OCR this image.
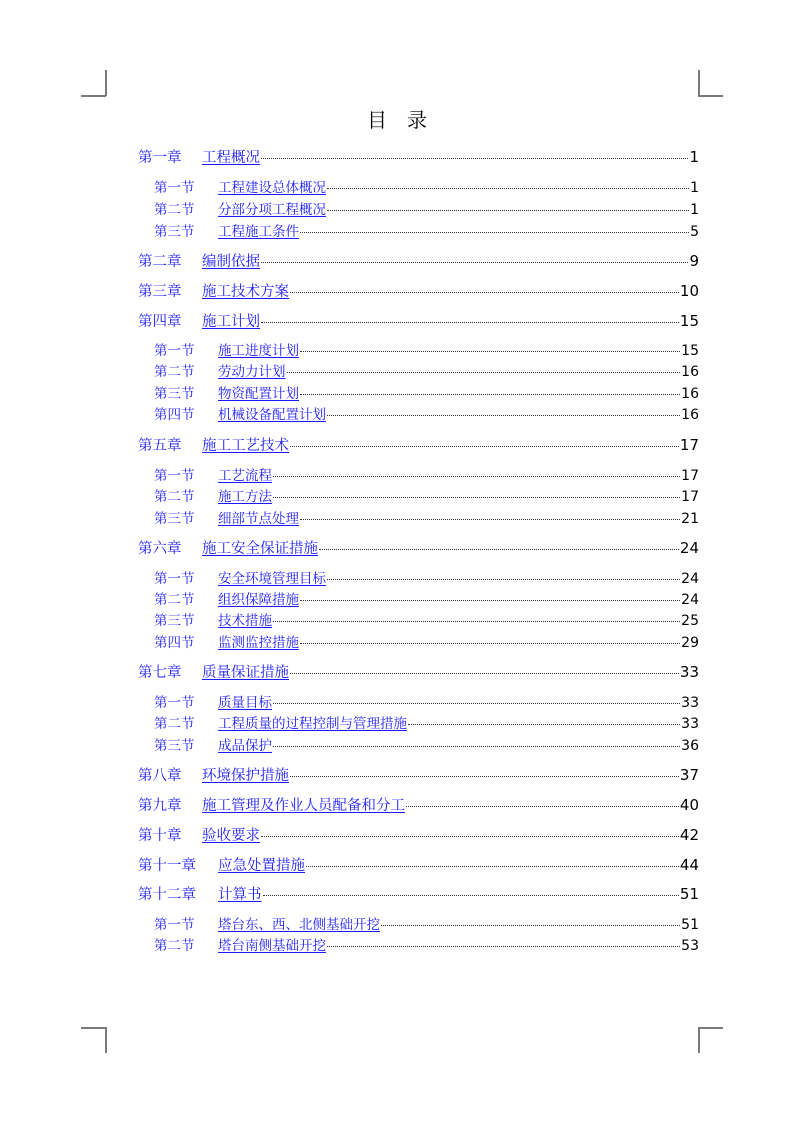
目 录
第一章	工程概况	1
第一节	工程建设总体概况	1
第二节	分部分项工程概况	1
第三节	工程施工条件	5
第二章	编制依据	9
第三章	施工技术方案	10
第四章	施工计划	15
第一节	施工进度计划	15
第二节	劳动力计划	16
第三节	物资配置计划	16
第四节	机械设备配置计划	16
第五章	施工工艺技术	17
第一节	工艺流程	17
第二节	施工方法	17
第三节	细部节点处理	21
第六章	施工安全保证措施	24
第一节	安全环境管理目标	24
第二节	组织保障措施	24
第三节	技术措施	25
第四节	监测监控措施	29
第七章	质量保证措施	33
第一节	质量目标	33
第二节	工程质量的过程控制与管理措施	33
第三节	成品保护	36
第八章	环境保护措施	37
第九章	施工管理及作业人员配备和分工	40
第十章	验收要求	42
第十一章	应急处置措施	44
第十二章	计算书	51
第一节	塔台东、西、北侧基础开挖	51
第二节	塔台南侧基础开挖	53
